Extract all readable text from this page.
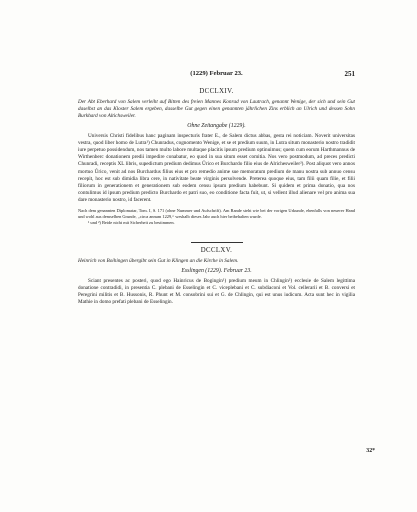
(1229) Februar 23.	251
DCCLXIV.
Der Abt Eberhard von Salem verleiht auf Bitten des freien Mannes Konrad von Lautrach, genannt Wenige, der sich und sein Gut daselbst an das Kloster Salem ergeben, dasselbe Gut gegen einen genannten jährlichen Zins erblich an Ulrich und dessen Sohn Burkhard von Altichsweiler.
Ohne Zeitangabe (1229).
Universis Christi fidelibus hanc paginam inspecturis frater E., de Salem dictus abbas, gesta rei noticiam. Noverit universitas vestra, quod liber homo de Lutra¹) Chunradus, cognomento Wenige, et se et predium suum, in Lutra situm monasterio nostro tradidit iure perpetuo possidendum, nos tamen multo labore multaque placitis ipsum predium optinuimus; quem cum eorum Harthmannus de Wirthenberc donationem predii impedire conabatur, eo quod in sua situm esset comitia. Nos vero postmodum, ad preces predicti Chunradi, receptis XL libris, supedictum predium dedimus Ůrico et Burchardo filio eius de Alrichesweiler²). Post aliquot vero annos mortuo Ůrico, venit ad nos Burchardus filius eius et pro remedio anime sue memoratum predium de manu nostra sub annuo censu recepit, hoc est sub dimidia libra cere, in nativitate beate virginis persolvende. Preterea quoque eius, tam filii quam filie, et filii filiorum in generationem et generationem sub eodem censu ipsum predium habebunt. Si quidem et prima donatio, qua nos contulimus id ipsum predium predicto Burchardo et patri suo, eo conditione facta fuit, ut, si vellent illud alienare vel pro anima sua dare monasterio nostro, id facerent.
Nach dem genannten Diplomatar, Tom. I, S. 171 (ohne Nummer und Aufschrift). Am Rande steht wie bei der vorigen Urkunde, ebenfalls von neuerer Hand und wohl aus demselben Grunde, „circa annum 1229,“ weshalb dieses Jahr auch hier beibehalten wurde.
¹ und ²) Beide nicht mit Sicherheit zu bestimmen.
DCCLXV.
Heinrich von Boihingen übergibt sein Gut in Klingen an die Kirche in Salem.
Esslingen (1229). Februar 23.
Sciant presentes ac posteri, quod ego Hainricus de Bogingin¹) predium meum in Chlingin²) ecclesie de Salem legittima donatione contradidi, in presentia C. plebani de Esselingin et C. viceplebani et C. subdiaconi et Vol. cellerarii et B. conversi et Peregrini militis et B. Hussonis, R. Phunt et M. consobrini sui et G. de Chlingin, qui est unus iudicum. Acta sunt hec in vigilia Mathie in domo prefati plebani de Esselingin.
32*
